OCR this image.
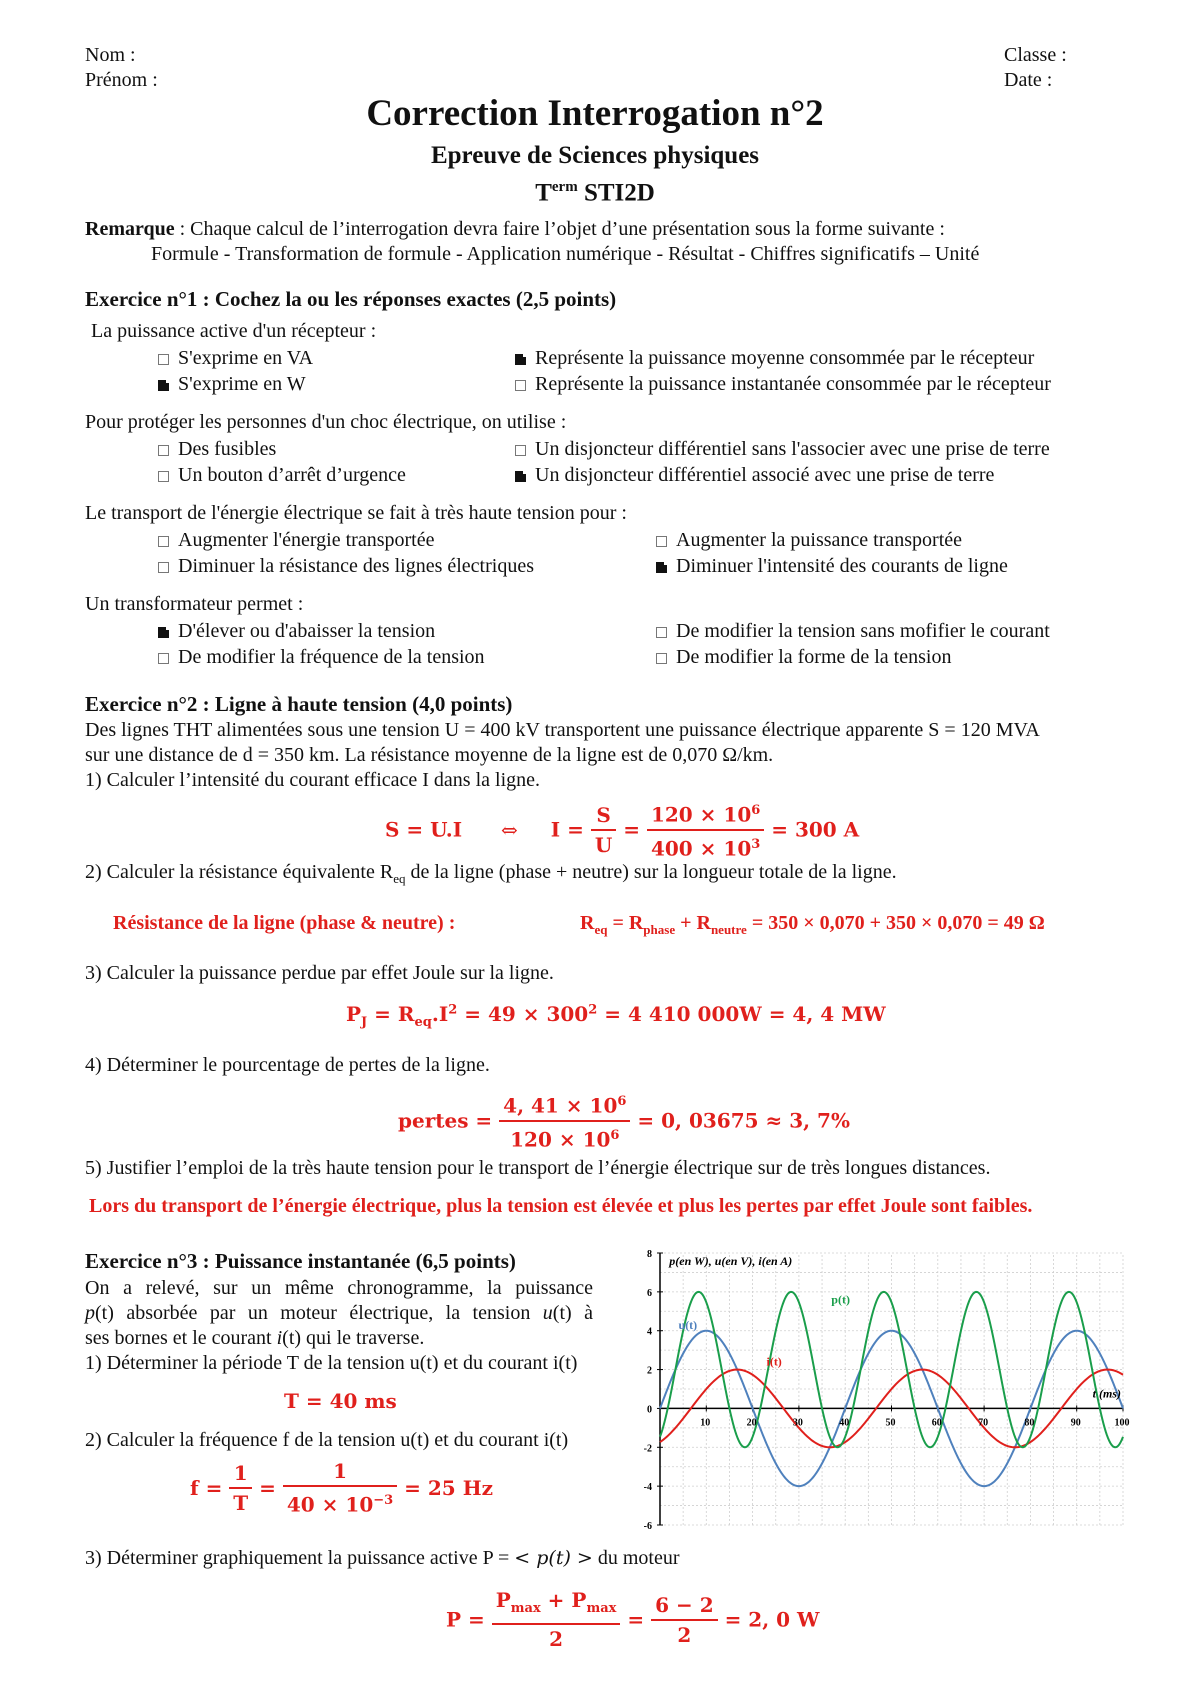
Nom :
Prénom :
Classe :
Date :
Correction Interrogation n°2
Epreuve de Sciences physiques
$T^{erm}$ STI2D
Remarque : Chaque calcul de l’interrogation devra faire l’objet d’une présentation sous la forme suivante :
Formule - Transformation de formule - Application numérique - Résultat - Chiffres significatifs – Unité
Exercice n°1 : Cochez la ou les réponses exactes (2,5 points)
La puissance active d'un récepteur :
S'exprime en VA
S'exprime en W
Représente la puissance moyenne consommée par le récepteur
Représente la puissance instantanée consommée par le récepteur
Pour protéger les personnes d'un choc électrique, on utilise :
Des fusibles
Un bouton d’arrêt d’urgence
Un disjoncteur différentiel sans l'associer avec une prise de terre
Un disjoncteur différentiel associé avec une prise de terre
Le transport de l'énergie électrique se fait à très haute tension pour :
Augmenter l'énergie transportée
Diminuer la résistance des lignes électriques
Augmenter la puissance transportée
Diminuer l'intensité des courants de ligne
Un transformateur permet :
D'élever ou d'abaisser la tension
De modifier la fréquence de la tension
De modifier la tension sans mofifier le courant
De modifier la forme de la tension
Exercice n°2 : Ligne à haute tension (4,0 points)
Des lignes THT alimentées sous une tension U = 400 kV transportent une puissance électrique apparente S = 120 MVA
sur une distance de d = 350 km. La résistance moyenne de la ligne est de 0,070 Ω/km.
1) Calculer l’intensité du courant efficace I dans la ligne.
S = U.I ⇔ $I = \frac{S}{U} = \frac{120 \times 10^6}{400 \times 10^3} = 300$ A
2) Calculer la résistance équivalente $R_{eq}$ de la ligne (phase + neutre) sur la longueur totale de la ligne.
Résistance de la ligne (phase & neutre) :	$R_{eq} = R_{phase} + R_{neutre} = 350 \times 0,070 + 350 \times 0,070 = 49$ Ω
3) Calculer la puissance perdue par effet Joule sur la ligne.
$P_J = R_{eq}.I^2 = 49 \times 300^2 = 4$ 410 000W = 4, 4 MW
4) Déterminer le pourcentage de pertes de la ligne.
pertes = $\frac{4, 41 \times 10^6}{120 \times 10^6} = 0$, 03675 ≈ 3, 7%
5) Justifier l’emploi de la très haute tension pour le transport de l’énergie électrique sur de très longues distances.
Lors du transport de l’énergie électrique, plus la tension est élevée et plus les pertes par effet Joule sont faibles.
Exercice n°3 : Puissance instantanée (6,5 points)
On a relevé, sur un même chronogramme, la puissance
p(t) absorbée par un moteur électrique, la tension u(t) à
ses bornes et le courant i(t) qui le traverse.
1) Déterminer la période T de la tension u(t) et du courant i(t)
T = 40 ms
2) Calculer la fréquence f de la tension u(t) et du courant i(t)
$f = \frac{1}{T} = \frac{1}{40 \times 10^{-3}} = 25$ Hz
3) Déterminer graphiquement la puissance active P = < p(t) > du moteur
$P = \frac{P_{max} + P_{max}}{2} = \frac{6 - 2}{2} = 2$, 0 W
10	20	30	40	50	60	70	80	90	100
-6
-4
-2
0
2
4
6
8 p(en W), u(en V), i(en A)
t (ms)
u(t)
i(t)
p(t)
